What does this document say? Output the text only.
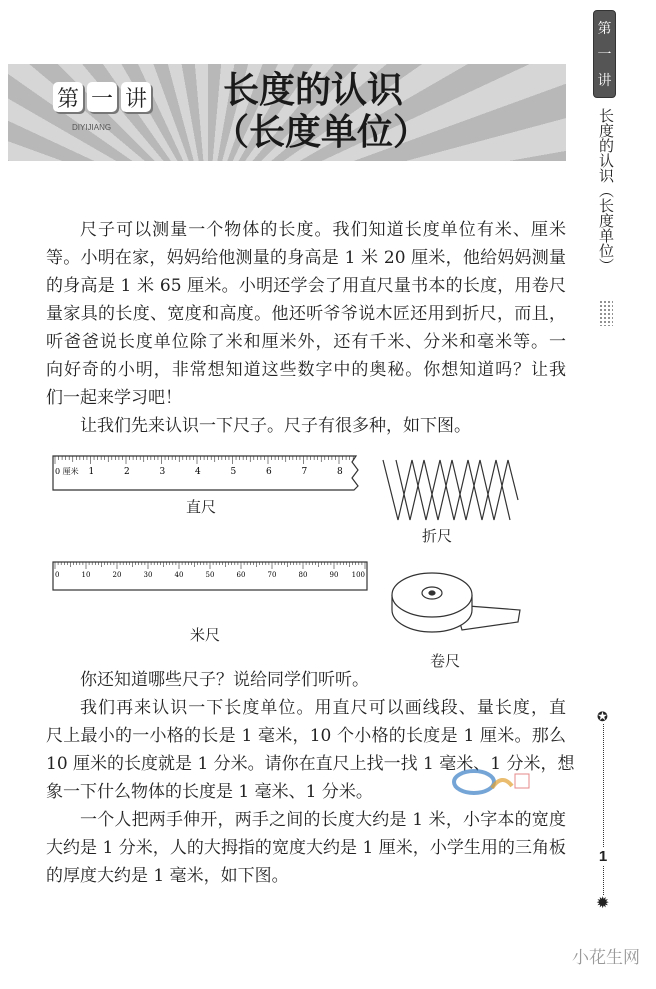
第 一 讲
DIYIJIANG
长度的认识
（长度单位）
第
一
讲
长度的认识（长度单位）
尺子可以测量一个物体的长度。我们知道长度单位有米、厘米
等。小明在家，妈妈给他测量的身高是 1 米 20 厘米，他给妈妈测量
的身高是 1 米 65 厘米。小明还学会了用直尺量书本的长度，用卷尺
量家具的长度、宽度和高度。他还听爷爷说木匠还用到折尺，而且，
听爸爸说长度单位除了米和厘米外，还有千米、分米和毫米等。一
向好奇的小明，非常想知道这些数字中的奥秘。你想知道吗？让我
们一起来学习吧！
让我们先来认识一下尺子。尺子有很多种，如下图。
0 厘米 1	2	3	4	5	6	7	8
0	10	20	30	40	50	60	70	80	90 100
直尺
折尺
米尺
卷尺
你还知道哪些尺子？说给同学们听听。
我们再来认识一下长度单位。用直尺可以画线段、量长度，直
尺上最小的一小格的长是 1 毫米，10 个小格的长度是 1 厘米。那么
10 厘米的长度就是 1 分米。请你在直尺上找一找 1 毫米、1 分米，想
象一下什么物体的长度是 1 毫米、1 分米。
一个人把两手伸开，两手之间的长度大约是 1 米，小字本的宽度
大约是 1 分米，人的大拇指的宽度大约是 1 厘米，小学生用的三角板
的厚度大约是 1 毫米，如下图。
✪
✹
1
小花生网
